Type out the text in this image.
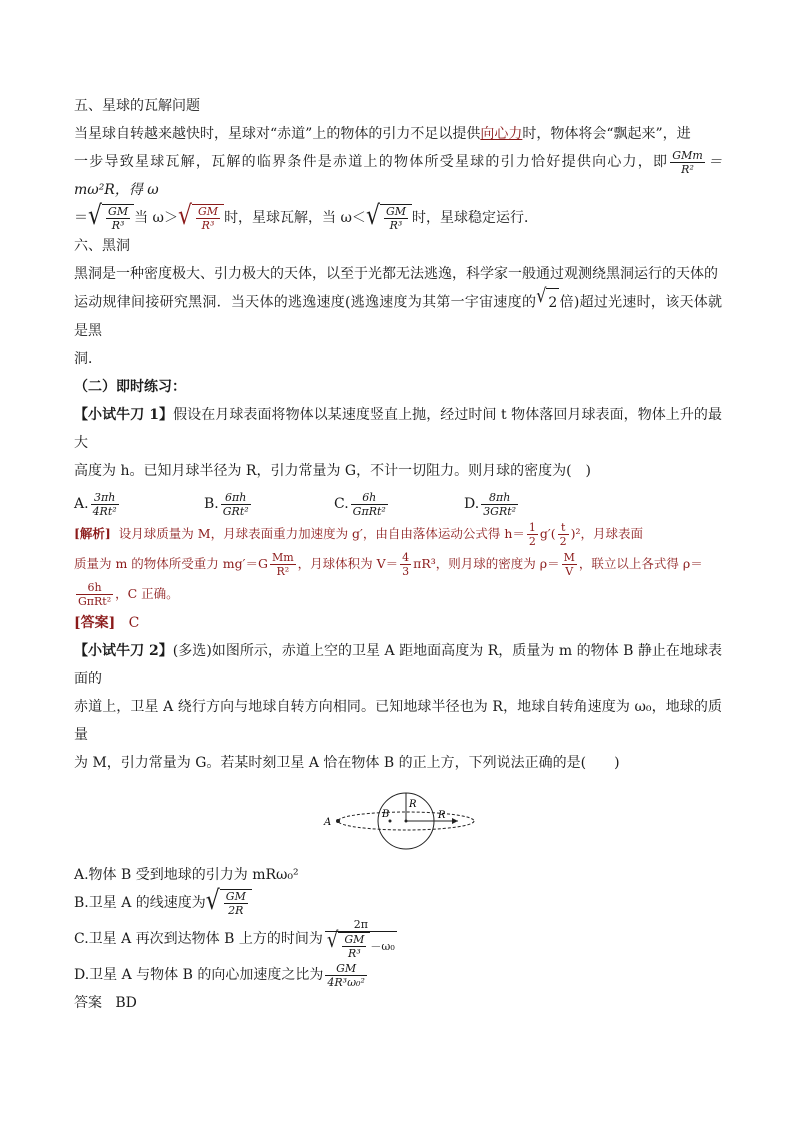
五、星球的瓦解问题

当星球自转越来越快时，星球对“赤道”上的物体的引力不足以提供向心力时，物体将会“飘起来”，进

一步导致星球瓦解，瓦解的临界条件是赤道上的物体所受星球的引力恰好提供向心力，即 $\frac{\text{GMm}}{\text{R²}} =m\omega^2R$，得 ω

＝ √ $\frac{GM}{\text{R³}}$ 当 ω＞ √ $\frac{GM}{\text{R³}}$ 时，星球瓦解，当 ω＜ √ $\frac{GM}{\text{R³}}$ 时，星球稳定运行．

六、黑洞

黑洞是一种密度极大、引力极大的天体，以至于光都无法逃逸，科学家一般通过观测绕黑洞运行的天体的

运动规律间接研究黑洞．当天体的逃逸速度(逃逸速度为其第一宇宙速度的 √ 2 倍)超过光速时，该天体就是黑

洞．

（二）即时练习：

【小试牛刀 1】假设在月球表面将物体以某速度竖直上抛，经过时间 t 物体落回月球表面，物体上升的最大

高度为 h。已知月球半径为 R，引力常量为 G，不计一切阻力。则月球的密度为(　)

A. $\frac{3\pi h}{\text{4Rt²}}$	B. $\frac{6\pi h}{\text{GRt²}}$	C. $\frac{6h}{\text{GπRt²}}$	D. $\frac{8\pi h}{\text{3GRt²}}$
[解析] 设月球质量为 M，月球表面重力加速度为 g′，由自由落体运动公式得 $h= \frac{1}{2} g'( \frac{t}{2} )^2$，月球表面
质量为 m 的物体所受重力 $mg'=G \frac{Mm}{\text{R²}}$ ，月球体积为 $V= \frac{4}{3} \pi R^3$，则月球的密度为 $\rho= \frac{M}{V}$ ，联立以上各式得 ρ＝
$\frac{6h}{\text{GπRt²}}$ ，C 正确。

[答案] C

【小试牛刀 2】(多选)如图所示，赤道上空的卫星 A 距地面高度为 R，质量为 m 的物体 B 静止在地球表面的

赤道上，卫星 A 绕行方向与地球自转方向相同。已知地球半径也为 R，地球自转角速度为 ω₀，地球的质量

为 M，引力常量为 G。若某时刻卫星 A 恰在物体 B 的正上方，下列说法正确的是(　　)

A
B
R
R

A.物体 B 受到地球的引力为 mRω₀²

B.卫星 A 的线速度为 √ $\frac{GM}{2R}$

C.卫星 A 再次到达物体 B 上方的时间为 $\frac{2\pi}{√ \frac{GM}{\text{R³}} -\omega_0}$

D.卫星 A 与物体 B 的向心加速度之比为 $\frac{GM}{\text{4R³ω₀²}}$

答案 BD
